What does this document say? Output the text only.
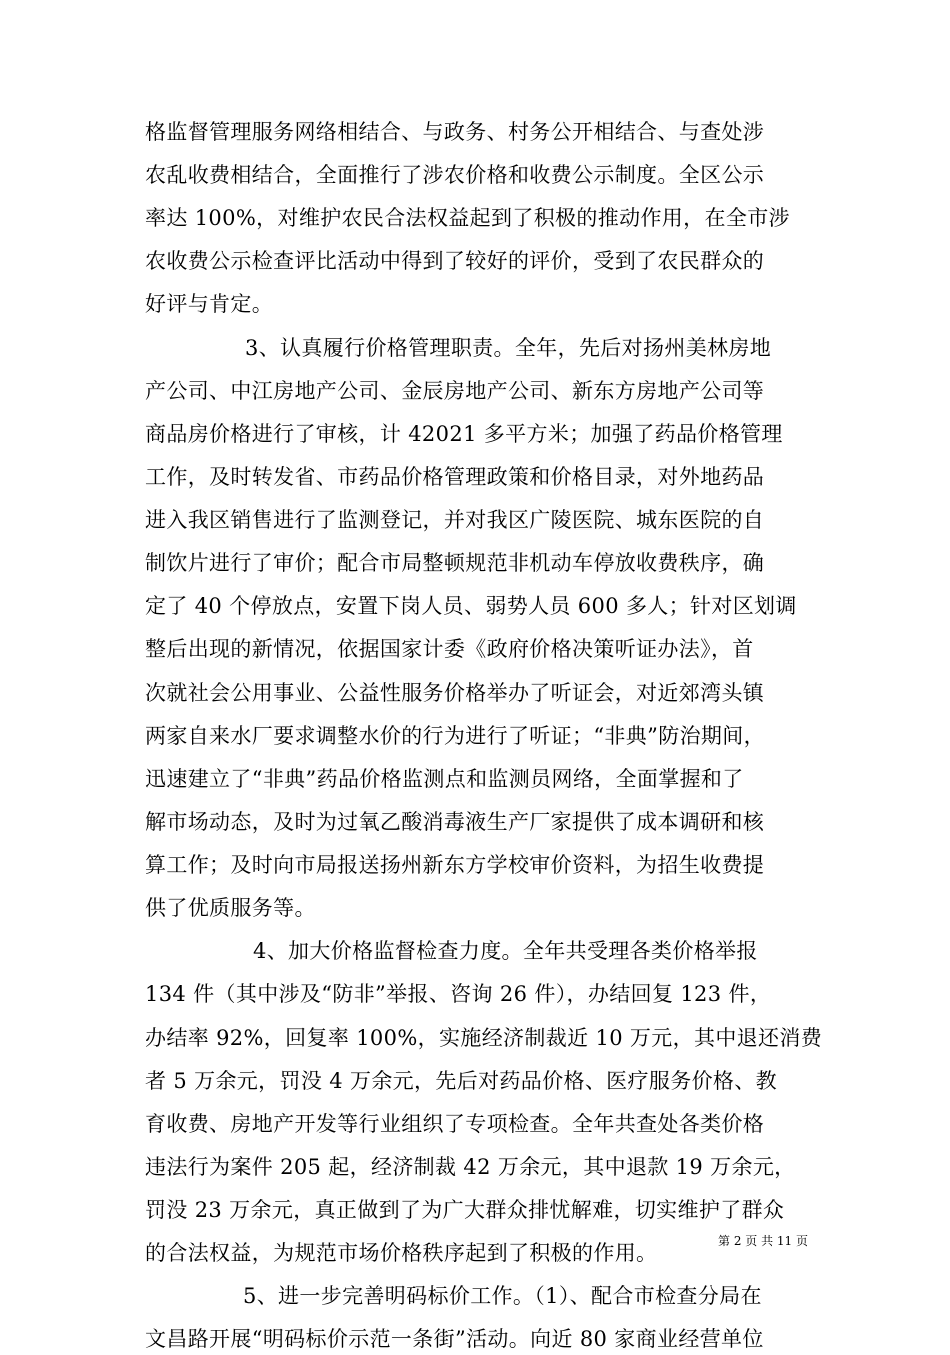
格监督管理服务网络相结合、与政务、村务公开相结合、与查处涉
农乱收费相结合，全面推行了涉农价格和收费公示制度。全区公示
率达 100%，对维护农民合法权益起到了积极的推动作用，在全市涉
农收费公示检查评比活动中得到了较好的评价，受到了农民群众的
好评与肯定。
3、认真履行价格管理职责。全年，先后对扬州美林房地
产公司、中江房地产公司、金辰房地产公司、新东方房地产公司等
商品房价格进行了审核，计 42021 多平方米；加强了药品价格管理
工作，及时转发省、市药品价格管理政策和价格目录，对外地药品
进入我区销售进行了监测登记，并对我区广陵医院、城东医院的自
制饮片进行了审价；配合市局整顿规范非机动车停放收费秩序，确
定了 40 个停放点，安置下岗人员、弱势人员 600 多人；针对区划调
整后出现的新情况，依据国家计委《政府价格决策听证办法》，首
次就社会公用事业、公益性服务价格举办了听证会，对近郊湾头镇
两家自来水厂要求调整水价的行为进行了听证；“非典”防治期间，
迅速建立了“非典”药品价格监测点和监测员网络，全面掌握和了
解市场动态，及时为过氧乙酸消毒液生产厂家提供了成本调研和核
算工作；及时向市局报送扬州新东方学校审价资料，为招生收费提
供了优质服务等。
4、加大价格监督检查力度。全年共受理各类价格举报
134 件（其中涉及“防非”举报、咨询 26 件），办结回复 123 件，
办结率 92%，回复率 100%，实施经济制裁近 10 万元，其中退还消费
者 5 万余元，罚没 4 万余元，先后对药品价格、医疗服务价格、教
育收费、房地产开发等行业组织了专项检查。全年共查处各类价格
违法行为案件 205 起，经济制裁 42 万余元，其中退款 19 万余元，
罚没 23 万余元，真正做到了为广大群众排忧解难，切实维护了群众
的合法权益，为规范市场价格秩序起到了积极的作用。
5、进一步完善明码标价工作。（1）、配合市检查分局在
文昌路开展“明码标价示范一条街”活动。向近 80 家商业经营单位
第 2 页 共 11 页
